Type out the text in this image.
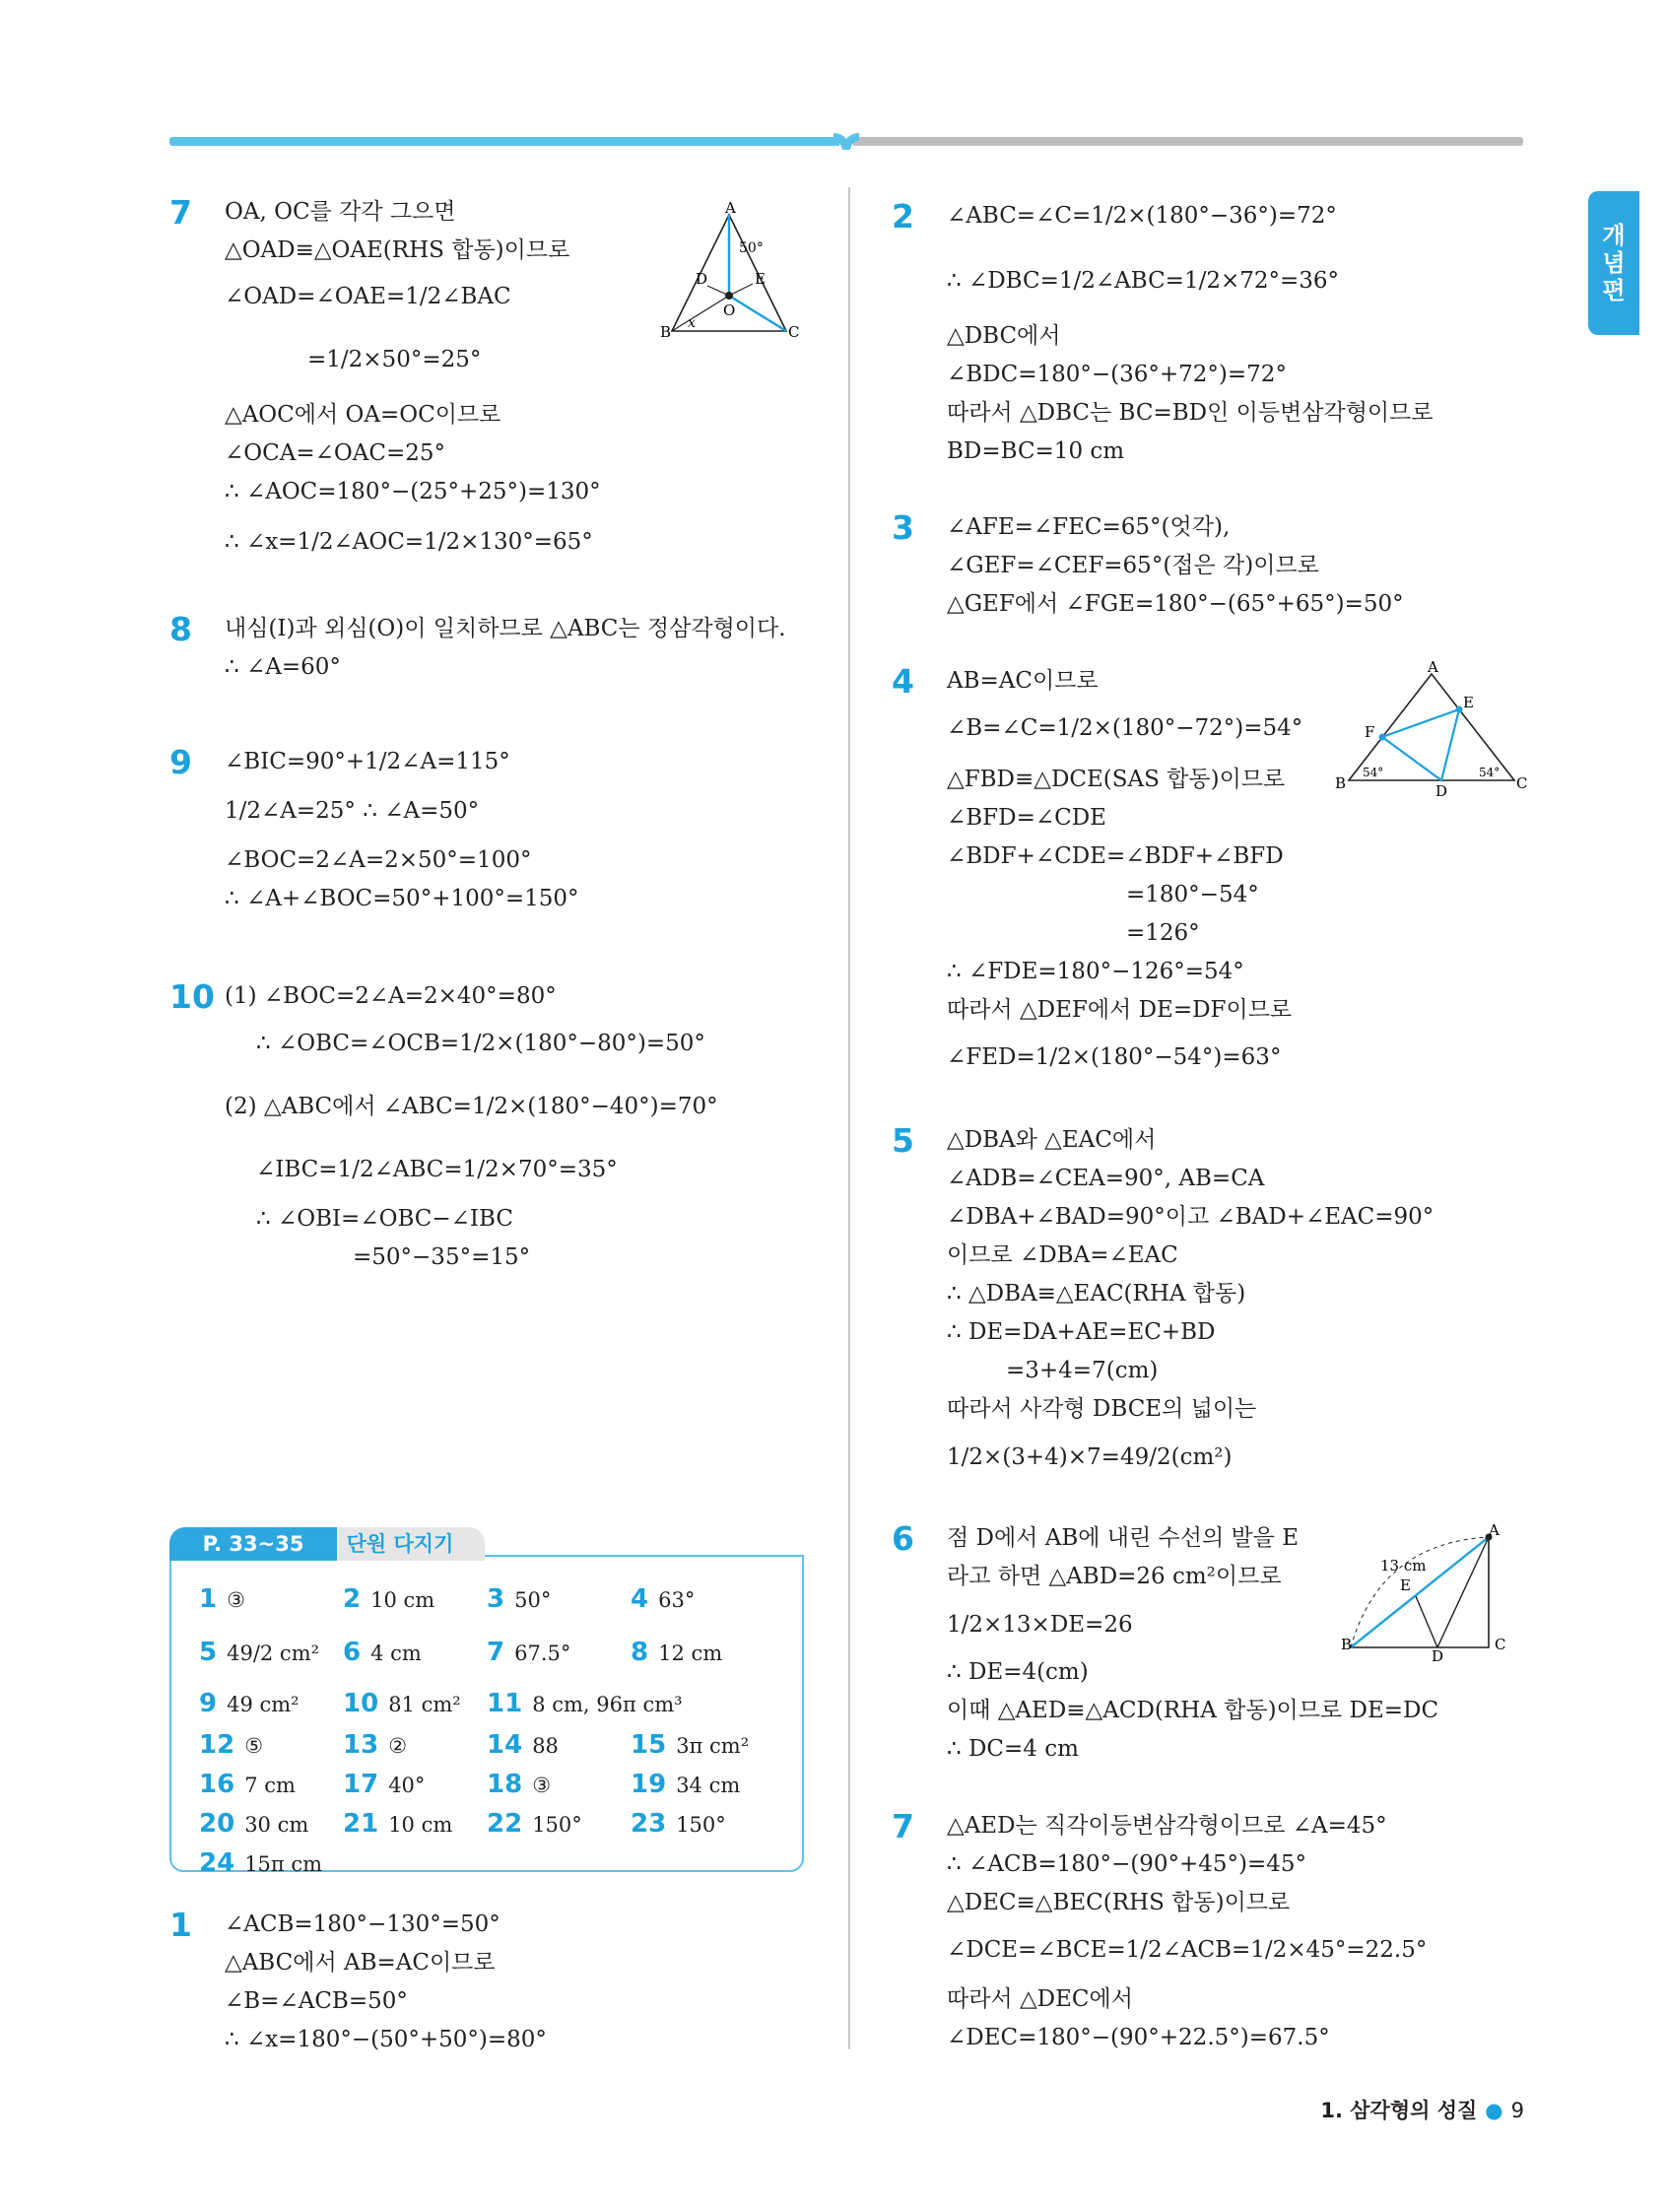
개념편
7 OA, OC를 각각 그으면
△OAD≡△OAE(RHS 합동)이므로
∠OAD=∠OAE=1/2∠BAC
=1/2×50°=25°
△AOC에서 OA=OC이므로
∠OCA=∠OAC=25°
∴ ∠AOC=180°−(25°+25°)=130°
∴ ∠x=1/2∠AOC=1/2×130°=65°
A
50°
D	E
O
B x	C
8 내심(I)과 외심(O)이 일치하므로 △ABC는 정삼각형이다.
∴ ∠A=60°
9 ∠BIC=90°+1/2∠A=115°
1/2∠A=25° ∴ ∠A=50°
∠BOC=2∠A=2×50°=100°
∴ ∠A+∠BOC=50°+100°=150°
10 (1) ∠BOC=2∠A=2×40°=80°
∴ ∠OBC=∠OCB=1/2×(180°−80°)=50°
(2) △ABC에서 ∠ABC=1/2×(180°−40°)=70°
∠IBC=1/2∠ABC=1/2×70°=35°
∴ ∠OBI=∠OBC−∠IBC
=50°−35°=15°
1 ∠ACB=180°−130°=50°
△ABC에서 AB=AC이므로
∠B=∠ACB=50°
∴ ∠x=180°−(50°+50°)=80°
단원 다지기
P. 33~35
1 ③	2 10 cm 3 50°	4 63°
5 49/2 cm² 6 4 cm	7 67.5° 8 12 cm
9 49 cm² 10 81 cm² 11 8 cm, 96π cm³
12 ⑤	13 ②	14 88	15 3π cm²
16 7 cm 17 40° 18 ③	19 34 cm
20 30 cm 21 10 cm 22 150° 23 150°
24 15π cm
2 ∠ABC=∠C=1/2×(180°−36°)=72°
∴ ∠DBC=1/2∠ABC=1/2×72°=36°
△DBC에서
∠BDC=180°−(36°+72°)=72°
따라서 △DBC는 BC=BD인 이등변삼각형이므로
BD=BC=10 cm
3 ∠AFE=∠FEC=65°(엇각),
∠GEF=∠CEF=65°(접은 각)이므로
△GEF에서 ∠FGE=180°−(65°+65°)=50°
4 AB=AC이므로
∠B=∠C=1/2×(180°−72°)=54°
△FBD≡△DCE(SAS 합동)이므로
∠BFD=∠CDE
∠BDF+∠CDE=∠BDF+∠BFD
=180°−54°
=126°
∴ ∠FDE=180°−126°=54°
따라서 △DEF에서 DE=DF이므로
∠FED=1/2×(180°−54°)=63°
A
E
F
B
54°
D
54°
C
5 △DBA와 △EAC에서
∠ADB=∠CEA=90°, AB=CA
∠DBA+∠BAD=90°이고 ∠BAD+∠EAC=90°
이므로 ∠DBA=∠EAC
∴ △DBA≡△EAC(RHA 합동)
∴ DE=DA+AE=EC+BD
=3+4=7(cm)
따라서 사각형 DBCE의 넓이는
1/2×(3+4)×7=49/2(cm²)
6 점 D에서 AB에 내린 수선의 발을 E
라고 하면 △ABD=26 cm²이므로
1/2×13×DE=26
∴ DE=4(cm)
이때 △AED≡△ACD(RHA 합동)이므로 DE=DC
∴ DC=4 cm
A
13 cm
E
B
D
C
7 △AED는 직각이등변삼각형이므로 ∠A=45°
∴ ∠ACB=180°−(90°+45°)=45°
△DEC≡△BEC(RHS 합동)이므로
∠DCE=∠BCE=1/2∠ACB=1/2×45°=22.5°
따라서 △DEC에서
∠DEC=180°−(90°+22.5°)=67.5°
1. 삼각형의 성질 ● 9
